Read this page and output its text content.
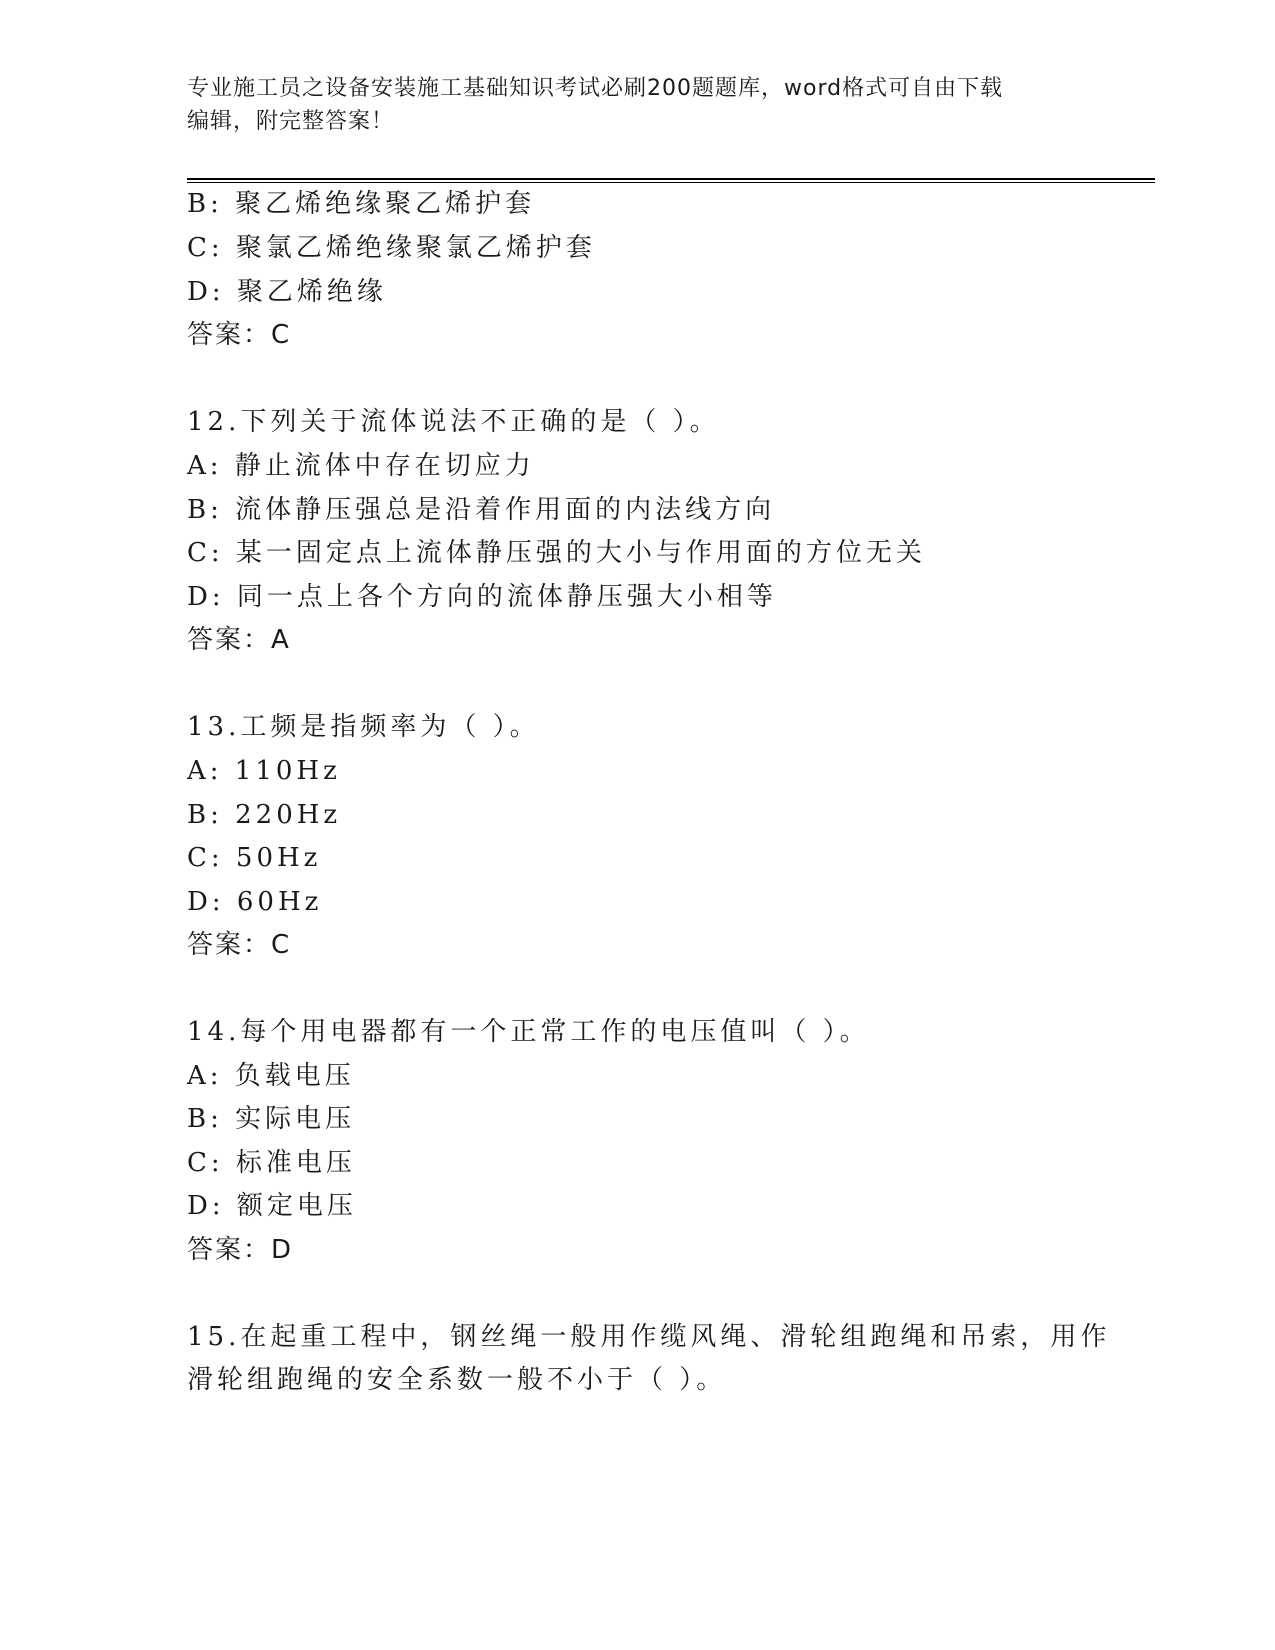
专业施工员之设备安装施工基础知识考试必刷200题题库，word格式可自由下载
编辑，附完整答案！
B: 聚乙烯绝缘聚乙烯护套
C: 聚氯乙烯绝缘聚氯乙烯护套
D: 聚乙烯绝缘
答案：C
12.下列关于流体说法不正确的是（ ）。
A: 静止流体中存在切应力
B: 流体静压强总是沿着作用面的内法线方向
C: 某一固定点上流体静压强的大小与作用面的方位无关
D: 同一点上各个方向的流体静压强大小相等
答案：A
13.工频是指频率为（ ）。
A: 110Hz
B: 220Hz
C: 50Hz
D: 60Hz
答案：C
14.每个用电器都有一个正常工作的电压值叫（ ）。
A: 负载电压
B: 实际电压
C: 标准电压
D: 额定电压
答案：D
15.在起重工程中，钢丝绳一般用作缆风绳、滑轮组跑绳和吊索，用作
滑轮组跑绳的安全系数一般不小于（ ）。
